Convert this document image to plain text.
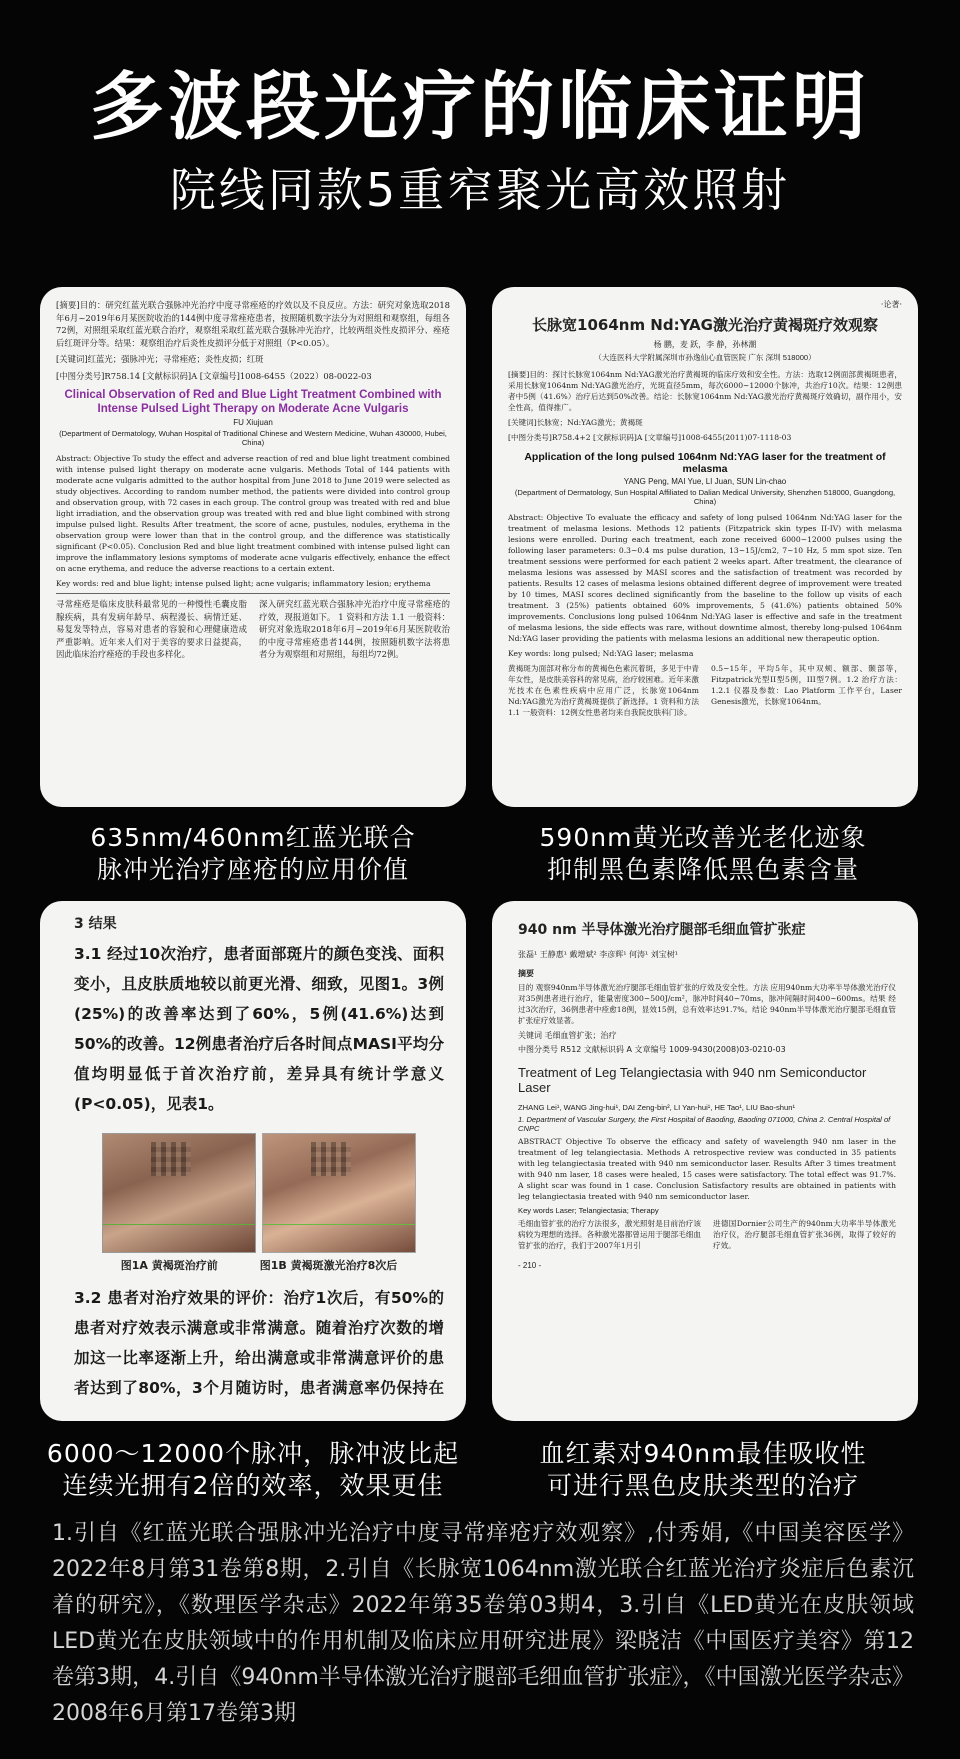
多波段光疗的临床证明
院线同款5重窄聚光高效照射

[摘要]目的：研究红蓝光联合强脉冲光治疗中度寻常痤疮的疗效以及不良反应。方法：研究对象选取2018年6月~2019年6月某医院收治的144例中度寻常痤疮患者，按照随机数字法分为对照组和观察组，每组各72例，对照组采取红蓝光联合治疗，观察组采取红蓝光联合强脉冲光治疗，比较两组炎性皮损评分、痤疮后红斑评分等。结果：观察组治疗后炎性皮损评分低于对照组（P<0.05）。

[关键词]红蓝光；强脉冲光；寻常痤疮；炎性皮损；红斑

[中图分类号]R758.14 [文献标识码]A [文章编号]1008-6455（2022）08-0022-03

Clinical Observation of Red and Blue Light Treatment Combined with Intense Pulsed Light Therapy on Moderate Acne Vulgaris

FU Xiujuan

(Department of Dermatology, Wuhan Hospital of Traditional Chinese and Western Medicine, Wuhan 430000, Hubei, China)

Abstract: Objective To study the effect and adverse reaction of red and blue light treatment combined with intense pulsed light therapy on moderate acne vulgaris. Methods Total of 144 patients with moderate acne vulgaris admitted to the author hospital from June 2018 to June 2019 were selected as study objectives. According to random number method, the patients were divided into control group and observation group, with 72 cases in each group. The control group was treated with red and blue light irradiation, and the observation group was treated with red and blue light combined with strong impulse pulsed light. Results After treatment, the score of acne, pustules, nodules, erythema in the observation group were lower than that in the control group, and the difference was statistically significant (P<0.05). Conclusion Red and blue light treatment combined with intense pulsed light can improve the inflammatory lesions symptoms of moderate acne vulgaris effectively, enhance the effect on acne erythema, and reduce the adverse reactions to a certain extent.

Key words: red and blue light; intense pulsed light; acne vulgaris; inflammatory lesion; erythema

寻常痤疮是临床皮肤科最常见的一种慢性毛囊皮脂腺疾病，具有发病年龄早、病程漫长、病情迁延、易复发等特点，容易对患者的容貌和心理健康造成严重影响。近年来人们对于美容的要求日益提高，因此临床治疗痤疮的手段也多样化。

深入研究红蓝光联合强脉冲光治疗中度寻常痤疮的疗效，现报道如下。 1 资料和方法 1.1 一般资料：研究对象选取2018年6月~2019年6月某医院收治的中度寻常痤疮患者144例，按照随机数字法将患者分为观察组和对照组，每组均72例。

635nm/460nm红蓝光联合
脉冲光治疗座疮的应用价值
·论著·
长脉宽1064nm Nd:YAG激光治疗黄褐斑疗效观察

杨 鹏，麦 跃，李 静，孙林潮

（大连医科大学附属深圳市孙逸仙心血管医院 广东 深圳 518000）

[摘要]目的：探讨长脉宽1064nm Nd:YAG激光治疗黄褐斑的临床疗效和安全性。方法：选取12例面部黄褐斑患者，采用长脉宽1064nm Nd:YAG激光治疗，光斑直径5mm，每次6000~12000个脉冲，共治疗10次。结果：12例患者中5例（41.6%）治疗后达到50%改善。结论：长脉宽1064nm Nd:YAG激光治疗黄褐斑疗效确切，副作用小，安全性高，值得推广。

[关键词]长脉宽；Nd:YAG激光；黄褐斑

[中图分类号]R758.4+2 [文献标识码]A [文章编号]1008-6455(2011)07-1118-03

Application of the long pulsed 1064nm Nd:YAG laser for the treatment of melasma

YANG Peng, MAI Yue, LI Juan, SUN Lin-chao

(Department of Dermatology, Sun Hospital Affiliated to Dalian Medical University, Shenzhen 518000, Guangdong, China)

Abstract: Objective To evaluate the efficacy and safety of long pulsed 1064nm Nd:YAG laser for the treatment of melasma lesions. Methods 12 patients (Fitzpatrick skin types II-IV) with melasma lesions were enrolled. During each treatment, each zone received 6000~12000 pulses using the following laser parameters: 0.3~0.4 ms pulse duration, 13~15J/cm2, 7~10 Hz, 5 mm spot size. Ten treatment sessions were performed for each patient 2 weeks apart. After treatment, the clearance of melasma lesions was assessed by MASI scores and the satisfaction of treatment was recorded by patients. Results 12 cases of melasma lesions obtained different degree of improvement were treated by 10 times, MASI scores declined significantly from the baseline to the follow up visits of each treatment. 3 (25%) patients obtained 60% improvements, 5 (41.6%) patients obtained 50% improvements. Conclusions long pulsed 1064nm Nd:YAG laser is effective and safe in the treatment of melasma lesions, the side effects was rare, without downtime almost, thereby long-pulsed 1064nm Nd:YAG laser providing the patients with melasma lesions an additional new therapeutic option.

Key words: long pulsed; Nd:YAG laser; melasma

黄褐斑为面部对称分布的黄褐色色素沉着斑，多见于中青年女性，是皮肤美容科的常见病，治疗较困难。近年来激光技术在色素性疾病中应用广泛，长脉宽1064nm Nd:YAG激光为治疗黄褐斑提供了新选择。1 资料和方法 1.1 一般资料：12例女性患者均来自我院皮肤科门诊。

0.5~15年，平均5年，其中双颊、额部、颞部等，Fitzpatrick光型II型5例，III型7例。1.2 治疗方法：1.2.1 仪器及参数：Lao Platform 工作平台，Laser Genesis激光，长脉宽1064nm。

590nm黄光改善光老化迹象
抑制黑色素降低黑色素含量
3 结果

3.1 经过10次治疗，患者面部斑片的颜色变浅、面积变小，且皮肤质地较以前更光滑、细致，见图1。3例(25%)的改善率达到了60%，5例(41.6%)达到50%的改善。12例患者治疗后各时间点MASI平均分值均明显低于首次治疗前，差异具有统计学意义(P<0.05)，见表1。

图1A 黄褐斑治疗前	图1B 黄褐斑激光治疗8次后

3.2 患者对治疗效果的评价：治疗1次后，有50%的患者对疗效表示满意或非常满意。随着治疗次数的增加这一比率逐渐上升，给出满意或非常满意评价的患者达到了80%，3个月随访时，患者满意率仍保持在

6000～12000个脉冲，脉冲波比起
连续光拥有2倍的效率，效果更佳
940 nm 半导体激光治疗腿部毛细血管扩张症

张磊¹ 王静惠¹ 戴增斌² 李彦辉¹ 何涛¹ 刘宝树¹

摘要

目的 观察940nm半导体激光治疗腿部毛细血管扩张的疗效及安全性。方法 应用940nm大功率半导体激光治疗仪对35例患者进行治疗，能量密度300~500J/cm²，脉冲时间40~70ms，脉冲间隔时间400~600ms。结果 经过3次治疗，36例患者中痊愈18例，显效15例，总有效率达91.7%。结论 940nm半导体激光治疗腿部毛细血管扩张症疗效显著。

关键词 毛细血管扩张；治疗

中图分类号 R512 文献标识码 A 文章编号 1009-9430(2008)03-0210-03

Treatment of Leg Telangiectasia with 940 nm Semiconductor Laser

ZHANG Lei¹, WANG Jing-hui¹, DAI Zeng-bin², LI Yan-hui¹, HE Tao¹, LIU Bao-shun¹

1. Department of Vascular Surgery, the First Hospital of Baoding, Baoding 071000, China 2. Central Hospital of CNPC

ABSTRACT Objective To observe the efficacy and safety of wavelength 940 nm laser in the treatment of leg telangiectasia. Methods A retrospective review was conducted in 35 patients with leg telangiectasia treated with 940 nm semiconductor laser. Results After 3 times treatment with 940 nm laser, 18 cases were healed, 15 cases were satisfactory. The total effect was 91.7%. A slight scar was found in 1 case. Conclusion Satisfactory results are obtained in patients with leg telangiectasia treated with 940 nm semiconductor laser.

Key words Laser; Telangiectasia; Therapy

毛细血管扩张的治疗方法很多，激光照射是目前治疗该病较为理想的选择。各种激光器都曾运用于腿部毛细血管扩张的治疗，我们于2007年1月引

进德国Dornier公司生产的940nm大功率半导体激光治疗仪，治疗腿部毛细血管扩张36例，取得了较好的疗效。

- 210 -
血红素对940nm最佳吸收性
可进行黑色皮肤类型的治疗
1.引自《红蓝光联合强脉冲光治疗中度寻常痒疮疗效观察》,付秀娟,《中国美容医学》2022年8月第31卷第8期，2.引自《长脉宽1064nm激光联合红蓝光治疗炎症后色素沉着的研究》，《数理医学杂志》2022年第35卷第03期4，3.引自《LED黄光在皮肤领域LED黄光在皮肤领域中的作用机制及临床应用研究进展》梁晓洁《中国医疗美容》第12卷第3期，4.引自《940nm半导体激光治疗腿部毛细血管扩张症》，《中国激光医学杂志》2008年6月第17卷第3期
